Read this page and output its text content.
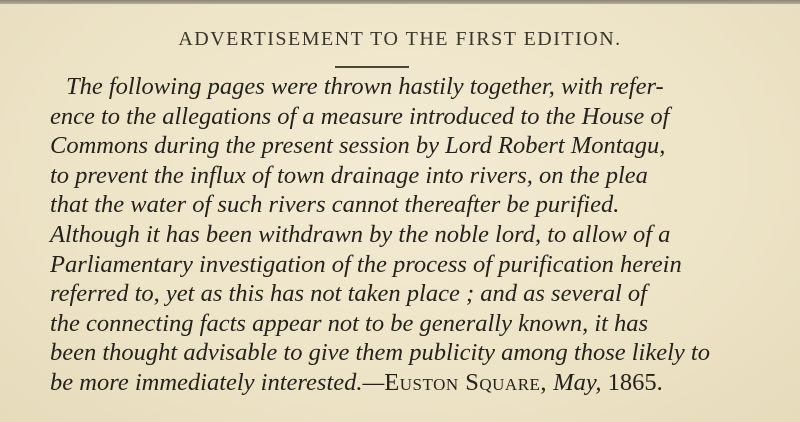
ADVERTISEMENT TO THE FIRST EDITION.
The following pages were thrown hastily together, with refer-
ence to the allegations of a measure introduced to the House of
Commons during the present session by Lord Robert Montagu,
to prevent the influx of town drainage into rivers, on the plea
that the water of such rivers cannot thereafter be purified.
Although it has been withdrawn by the noble lord, to allow of a
Parliamentary investigation of the process of purification herein
referred to, yet as this has not taken place ; and as several of
the connecting facts appear not to be generally known, it has
been thought advisable to give them publicity among those likely to
be more immediately interested.—Euston Square, May, 1865.
